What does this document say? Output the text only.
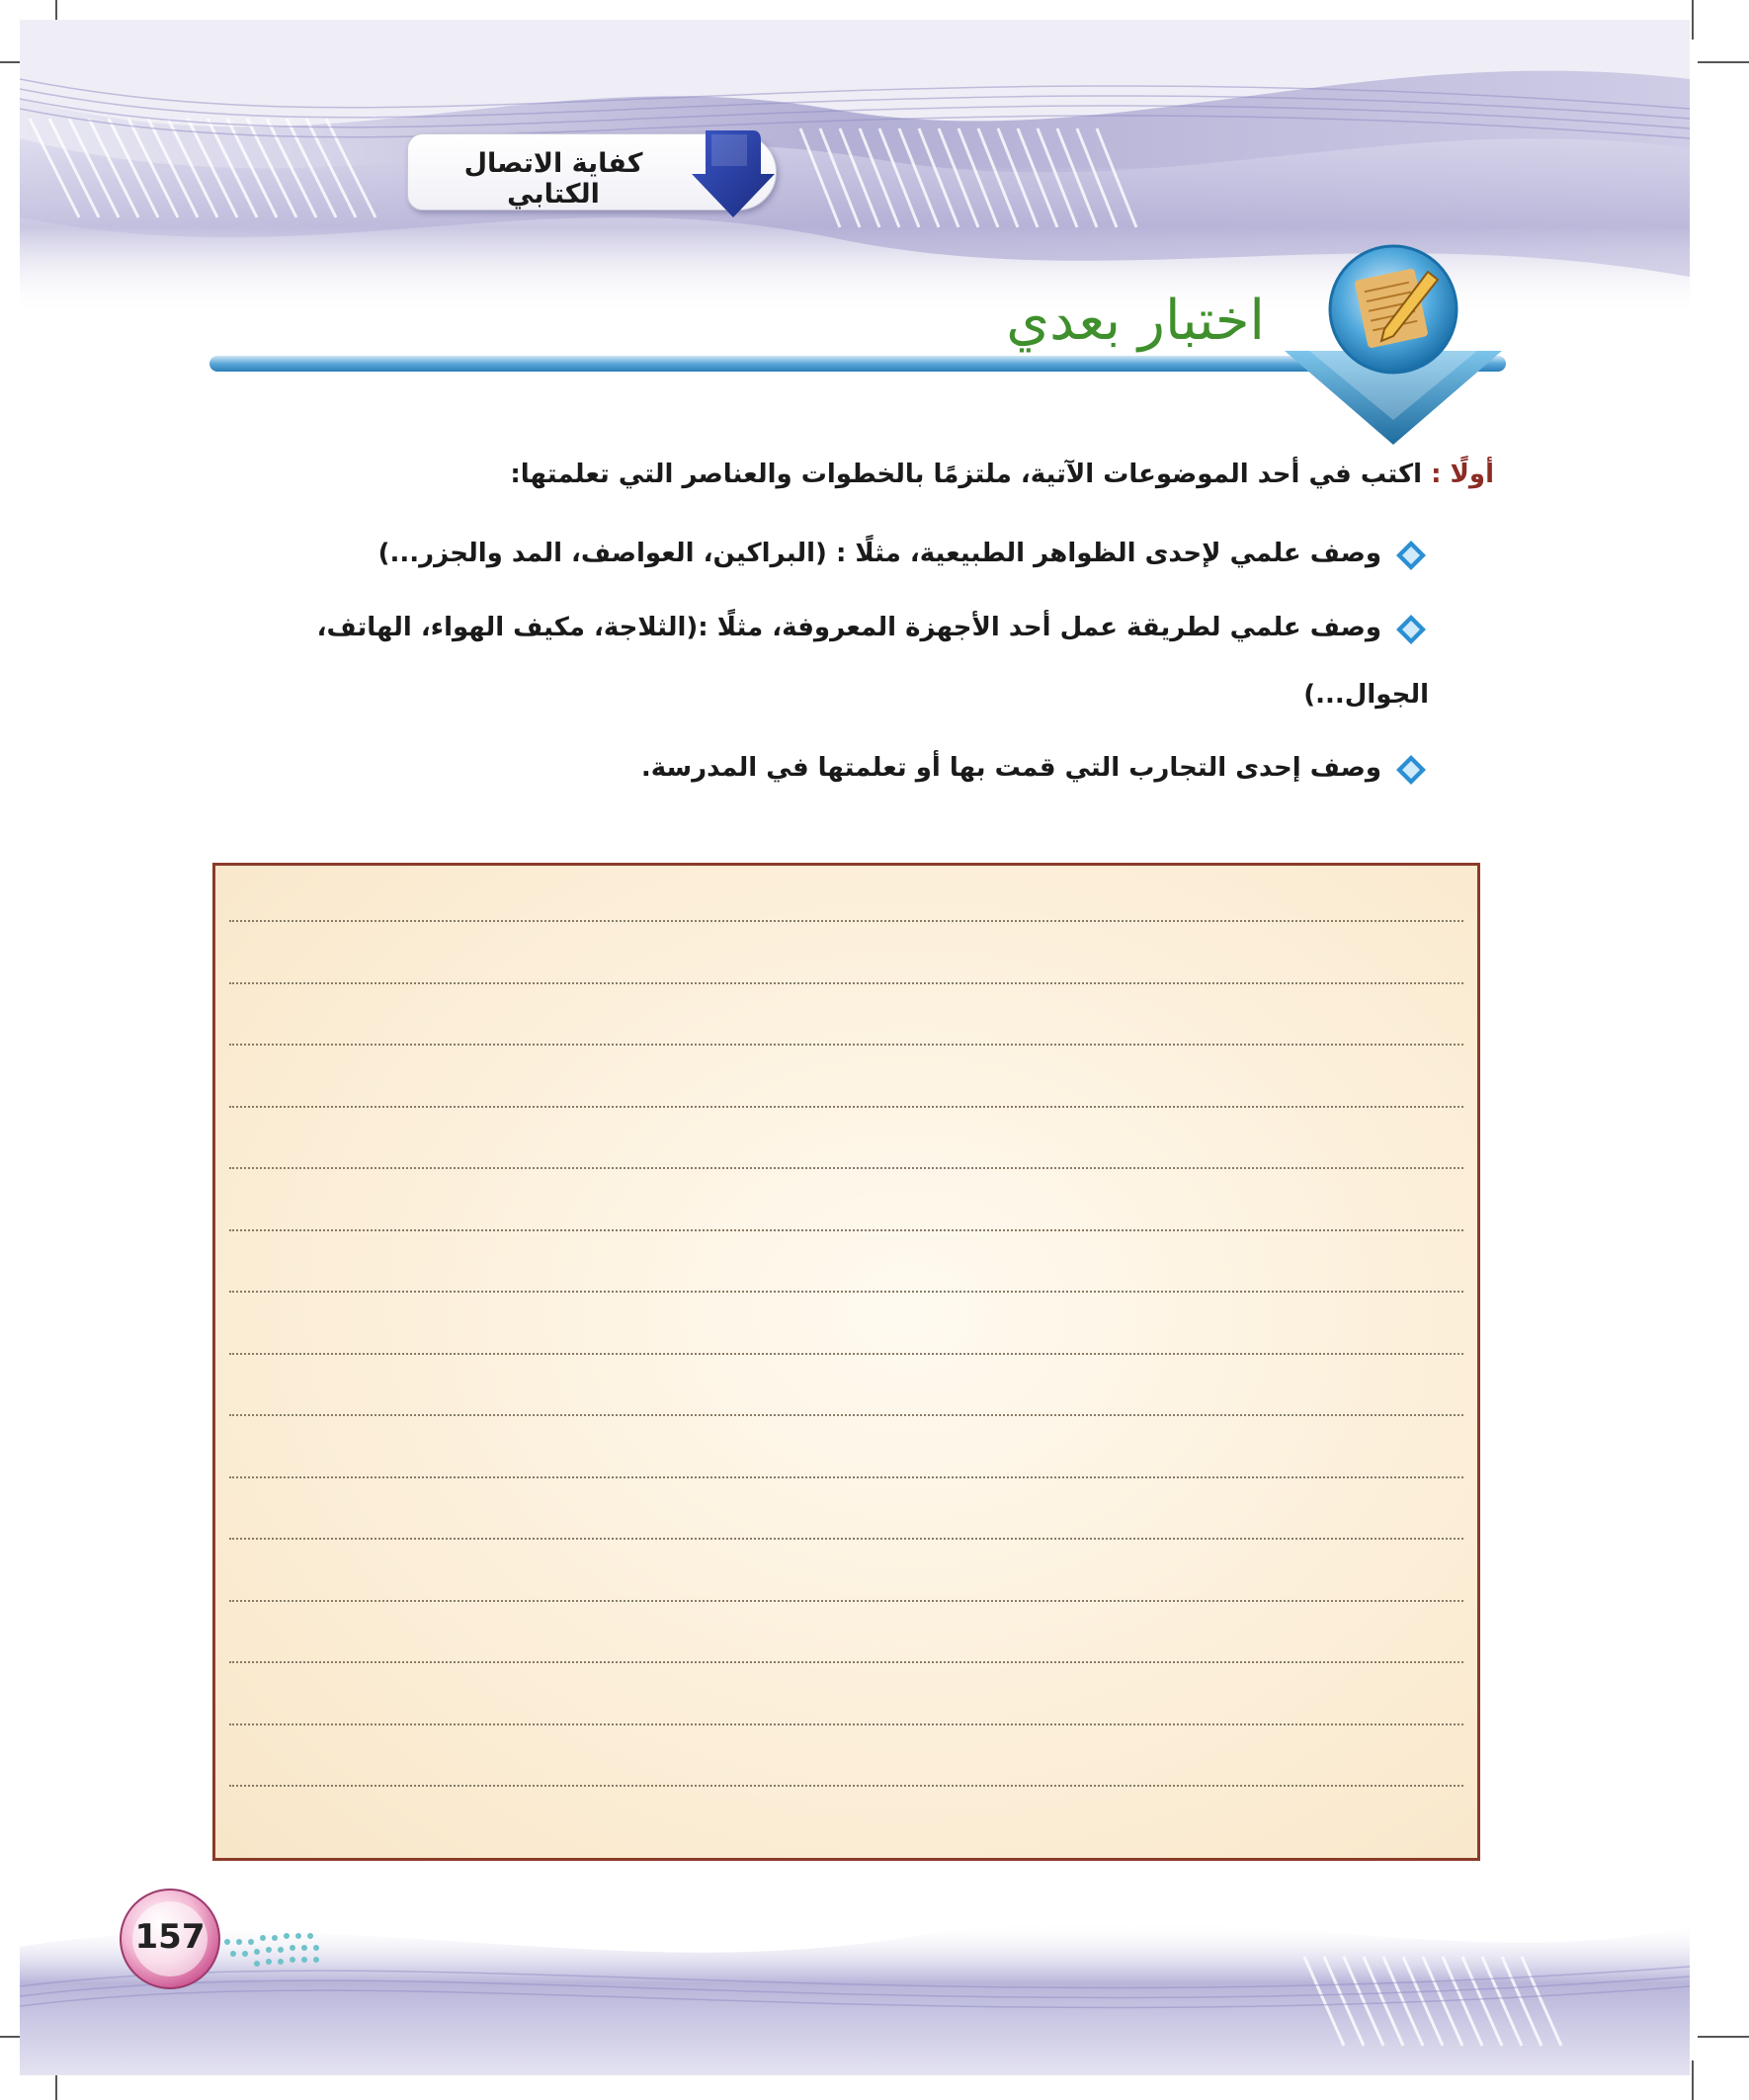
كفاية الاتصال الكتابي
اختبار بعدي
أولًا : اكتب في أحد الموضوعات الآتية، ملتزمًا بالخطوات والعناصر التي تعلمتها:
وصف علمي لإحدى الظواهر الطبيعية، مثلًا : (البراكين، العواصف، المد والجزر...)
وصف علمي لطريقة عمل أحد الأجهزة المعروفة، مثلًا :(الثلاجة، مكيف الهواء، الهاتف،
الجوال...)
وصف إحدى التجارب التي قمت بها أو تعلمتها في المدرسة.
157
